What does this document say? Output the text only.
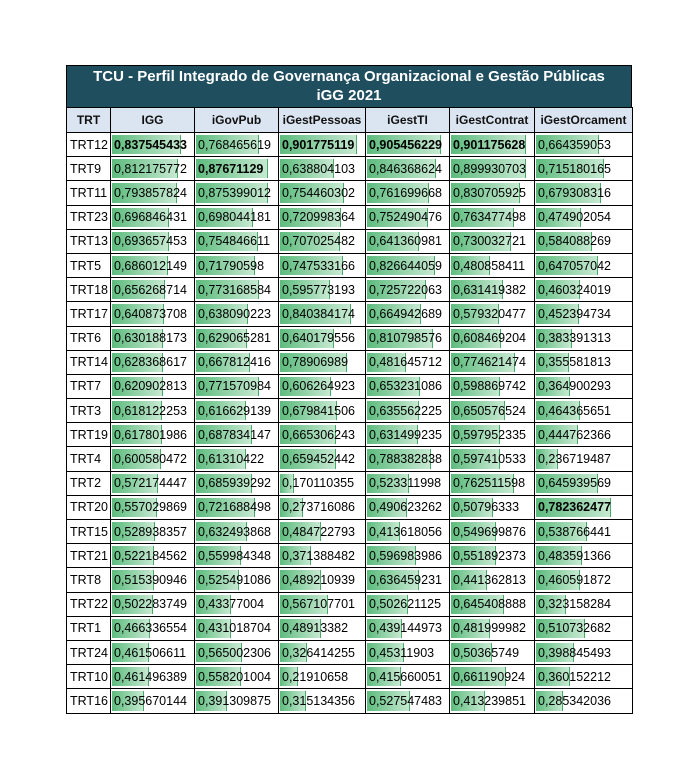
TCU - Perfil Integrado de Governança Organizacional e Gestão Públicas
iGG 2021
TRT	IGG	iGovPub	iGestPessoas	iGestTI	iGestContrat	iGestOrcament
TRT12	0,837545433	0,768465619	0,901775119	0,905456229	0,901175628	0,664359053
TRT9	0,812175772	0,87671129	0,638804103	0,846368624	0,899930703	0,715180165
TRT11	0,793857824	0,875399012	0,754460302	0,761699668	0,830705925	0,679308316
TRT23	0,696846431	0,698044181	0,720998364	0,752490476	0,763477498	0,474902054
TRT13	0,693657453	0,754846611	0,707025482	0,641360981	0,730032721	0,584088269
TRT5	0,686012149	0,71790598	0,747533166	0,826644059	0,480858411	0,647057042
TRT18	0,656268714	0,773168584	0,595773193	0,725722063	0,631419382	0,460324019
TRT17	0,640873708	0,638090223	0,840384174	0,664942689	0,579320477	0,452394734
TRT6	0,630188173	0,629065281	0,640179556	0,810798576	0,608469204	0,383391313
TRT14	0,628368617	0,667812416	0,78906989	0,481645712	0,774621474	0,355581813
TRT7	0,620902813	0,771570984	0,606264923	0,653231086	0,598869742	0,364900293
TRT3	0,618122253	0,616629139	0,679841506	0,635562225	0,650576524	0,464365651
TRT19	0,617801986	0,687834147	0,665306243	0,631499235	0,597952335	0,444762366
TRT4	0,600580472	0,61310422	0,659452442	0,788382838	0,597410533	0,236719487
TRT2	0,572174447	0,685939292	0,170110355	0,523311998	0,762511598	0,645939569
TRT20	0,557029869	0,721688498	0,273716086	0,490623262	0,50796333	0,782362477
TRT15	0,528938357	0,632493868	0,484722793	0,413618056	0,549699876	0,538766441
TRT21	0,522184562	0,559984348	0,371388482	0,596983986	0,551892373	0,483591366
TRT8	0,515390946	0,525491086	0,489210939	0,636459231	0,441362813	0,460591872
TRT22	0,502283749	0,43377004	0,567107701	0,502621125	0,645408888	0,323158284
TRT1	0,466336554	0,431018704	0,48913382	0,439144973	0,481999982	0,510732682
TRT24	0,461506611	0,565002306	0,326414255	0,45311903	0,50365749	0,398845493
TRT10	0,461496389	0,558201004	0,21910658	0,415660051	0,661190924	0,360152212
TRT16	0,395670144	0,391309875	0,315134356	0,527547483	0,413239851	0,285342036
